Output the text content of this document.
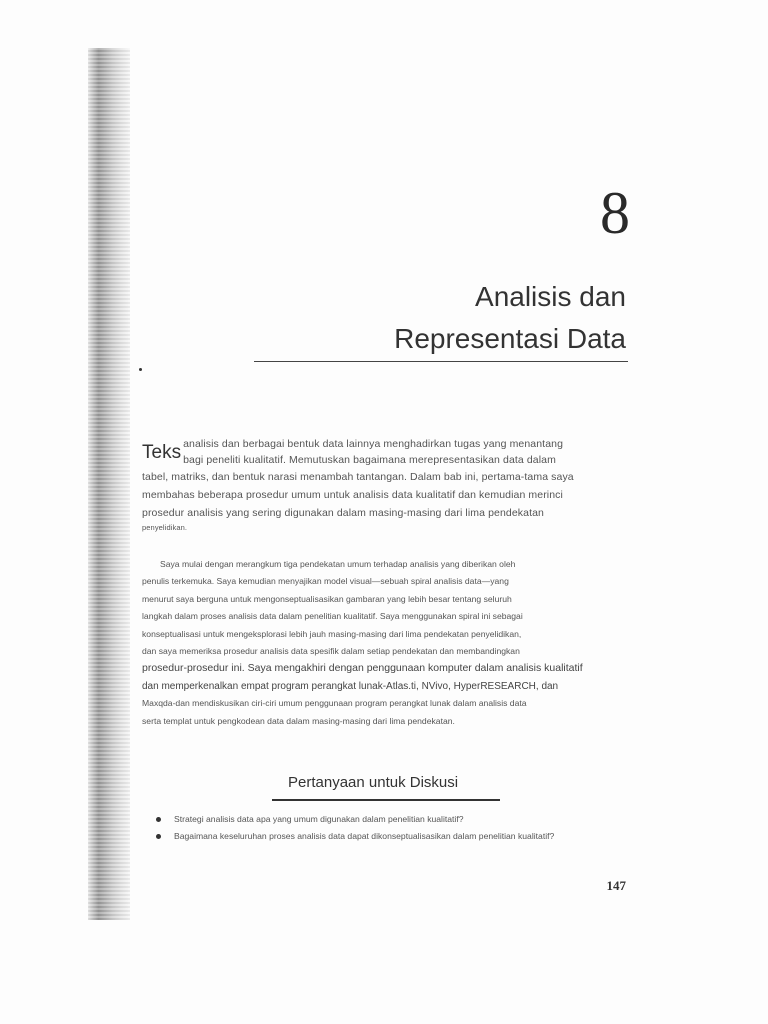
8
Analisis dan
Representasi Data
Teks analisis dan berbagai bentuk data lainnya menghadirkan tugas yang menantang
bagi peneliti kualitatif. Memutuskan bagaimana merepresentasikan data dalam
tabel, matriks, dan bentuk narasi menambah tantangan. Dalam bab ini, pertama-tama saya
membahas beberapa prosedur umum untuk analisis data kualitatif dan kemudian merinci
prosedur analisis yang sering digunakan dalam masing-masing dari lima pendekatan
penyelidikan.
Saya mulai dengan merangkum tiga pendekatan umum terhadap analisis yang diberikan oleh
penulis terkemuka. Saya kemudian menyajikan model visual—sebuah spiral analisis data—yang
menurut saya berguna untuk mengonseptualisasikan gambaran yang lebih besar tentang seluruh
langkah dalam proses analisis data dalam penelitian kualitatif. Saya menggunakan spiral ini sebagai
konseptualisasi untuk mengeksplorasi lebih jauh masing-masing dari lima pendekatan penyelidikan,
dan saya memeriksa prosedur analisis data spesifik dalam setiap pendekatan dan membandingkan
prosedur-prosedur ini. Saya mengakhiri dengan penggunaan komputer dalam analisis kualitatif
dan memperkenalkan empat program perangkat lunak-Atlas.ti, NVivo, HyperRESEARCH, dan
Maxqda-dan mendiskusikan ciri-ciri umum penggunaan program perangkat lunak dalam analisis data
serta templat untuk pengkodean data dalam masing-masing dari lima pendekatan.
Pertanyaan untuk Diskusi
Strategi analisis data apa yang umum digunakan dalam penelitian kualitatif?
Bagaimana keseluruhan proses analisis data dapat dikonseptualisasikan dalam penelitian kualitatif?
147
